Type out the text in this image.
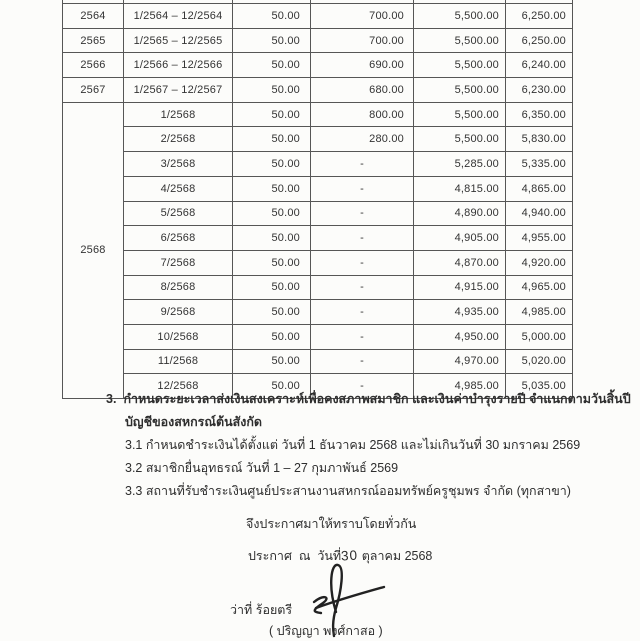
2564	1/2564 – 12/2564	50.00	700.00	5,500.00	6,250.00
2565	1/2565 – 12/2565	50.00	700.00	5,500.00	6,250.00
2566	1/2566 – 12/2566	50.00	690.00	5,500.00	6,240.00
2567	1/2567 – 12/2567	50.00	680.00	5,500.00	6,230.00
2568	1/2568	50.00	800.00	5,500.00	6,350.00
	2/2568	50.00	280.00	5,500.00	5,830.00
	3/2568	50.00	-	5,285.00	5,335.00
	4/2568	50.00	-	4,815.00	4,865.00
	5/2568	50.00	-	4,890.00	4,940.00
	6/2568	50.00	-	4,905.00	4,955.00
	7/2568	50.00	-	4,870.00	4,920.00
	8/2568	50.00	-	4,915.00	4,965.00
	9/2568	50.00	-	4,935.00	4,985.00
	10/2568	50.00	-	4,950.00	5,000.00
	11/2568	50.00	-	4,970.00	5,020.00
	12/2568	50.00	-	4,985.00	5,035.00
3. กำหนดระยะเวลาส่งเงินสงเคราะห์เพื่อคงสภาพสมาชิก และเงินค่าบำรุงรายปี จำแนกตามวันสิ้นปี
บัญชีของสหกรณ์ต้นสังกัด
3.1 กำหนดชำระเงินได้ตั้งแต่ วันที่ 1 ธันวาคม 2568 และไม่เกินวันที่ 30 มกราคม 2569
3.2 สมาชิกยื่นอุทธรณ์ วันที่ 1 – 27 กุมภาพันธ์ 2569
3.3 สถานที่รับชำระเงินศูนย์ประสานงานสหกรณ์ออมทรัพย์ครูชุมพร จำกัด (ทุกสาขา)
จึงประกาศมาให้ทราบโดยทั่วกัน
ประกาศ  ณ  วันที่30 ตุลาคม 2568
ว่าที่ ร้อยตรี
( ปริญญา พงศ์กาสอ )
